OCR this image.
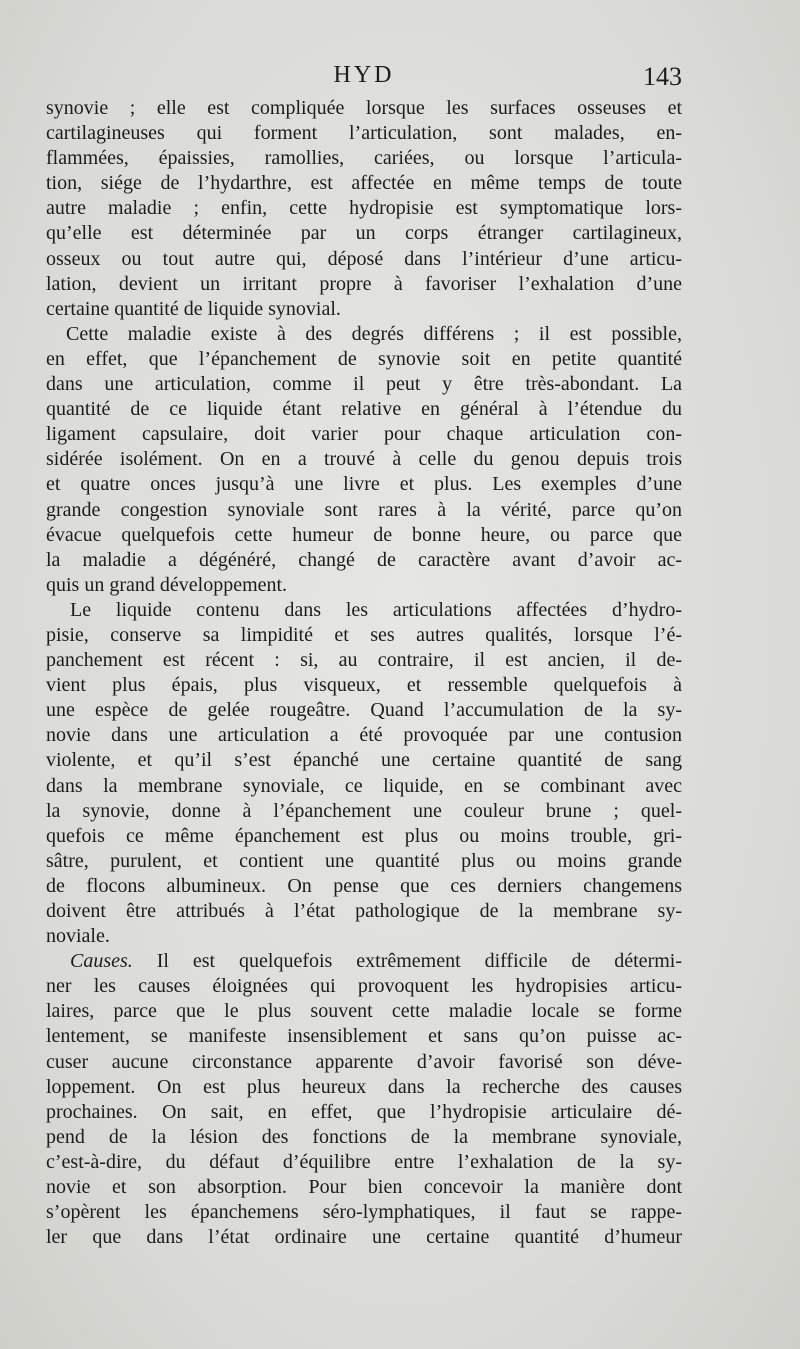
HYD	143
synovie ; elle est compliquée lorsque les surfaces osseuses et
cartilagineuses qui forment l’articulation, sont malades, en-
flammées, épaissies, ramollies, cariées, ou lorsque l’articula-
tion, siége de l’hydarthre, est affectée en même temps de toute
autre maladie ; enfin, cette hydropisie est symptomatique lors-
qu’elle est déterminée par un corps étranger cartilagineux,
osseux ou tout autre qui, déposé dans l’intérieur d’une articu-
lation, devient un irritant propre à favoriser l’exhalation d’une
certaine quantité de liquide synovial.
Cette maladie existe à des degrés différens ; il est possible,
en effet, que l’épanchement de synovie soit en petite quantité
dans une articulation, comme il peut y être très-abondant. La
quantité de ce liquide étant relative en général à l’étendue du
ligament capsulaire, doit varier pour chaque articulation con-
sidérée isolément. On en a trouvé à celle du genou depuis trois
et quatre onces jusqu’à une livre et plus. Les exemples d’une
grande congestion synoviale sont rares à la vérité, parce qu’on
évacue quelquefois cette humeur de bonne heure, ou parce que
la maladie a dégénéré, changé de caractère avant d’avoir ac-
quis un grand développement.
Le liquide contenu dans les articulations affectées d’hydro-
pisie, conserve sa limpidité et ses autres qualités, lorsque l’é-
panchement est récent : si, au contraire, il est ancien, il de-
vient plus épais, plus visqueux, et ressemble quelquefois à
une espèce de gelée rougeâtre. Quand l’accumulation de la sy-
novie dans une articulation a été provoquée par une contusion
violente, et qu’il s’est épanché une certaine quantité de sang
dans la membrane synoviale, ce liquide, en se combinant avec
la synovie, donne à l’épanchement une couleur brune ; quel-
quefois ce même épanchement est plus ou moins trouble, gri-
sâtre, purulent, et contient une quantité plus ou moins grande
de flocons albumineux. On pense que ces derniers changemens
doivent être attribués à l’état pathologique de la membrane sy-
noviale.
Causes. Il est quelquefois extrêmement difficile de détermi-
ner les causes éloignées qui provoquent les hydropisies articu-
laires, parce que le plus souvent cette maladie locale se forme
lentement, se manifeste insensiblement et sans qu’on puisse ac-
cuser aucune circonstance apparente d’avoir favorisé son déve-
loppement. On est plus heureux dans la recherche des causes
prochaines. On sait, en effet, que l’hydropisie articulaire dé-
pend de la lésion des fonctions de la membrane synoviale,
c’est-à-dire, du défaut d’équilibre entre l’exhalation de la sy-
novie et son absorption. Pour bien concevoir la manière dont
s’opèrent les épanchemens séro-lymphatiques, il faut se rappe-
ler que dans l’état ordinaire une certaine quantité d’humeur
